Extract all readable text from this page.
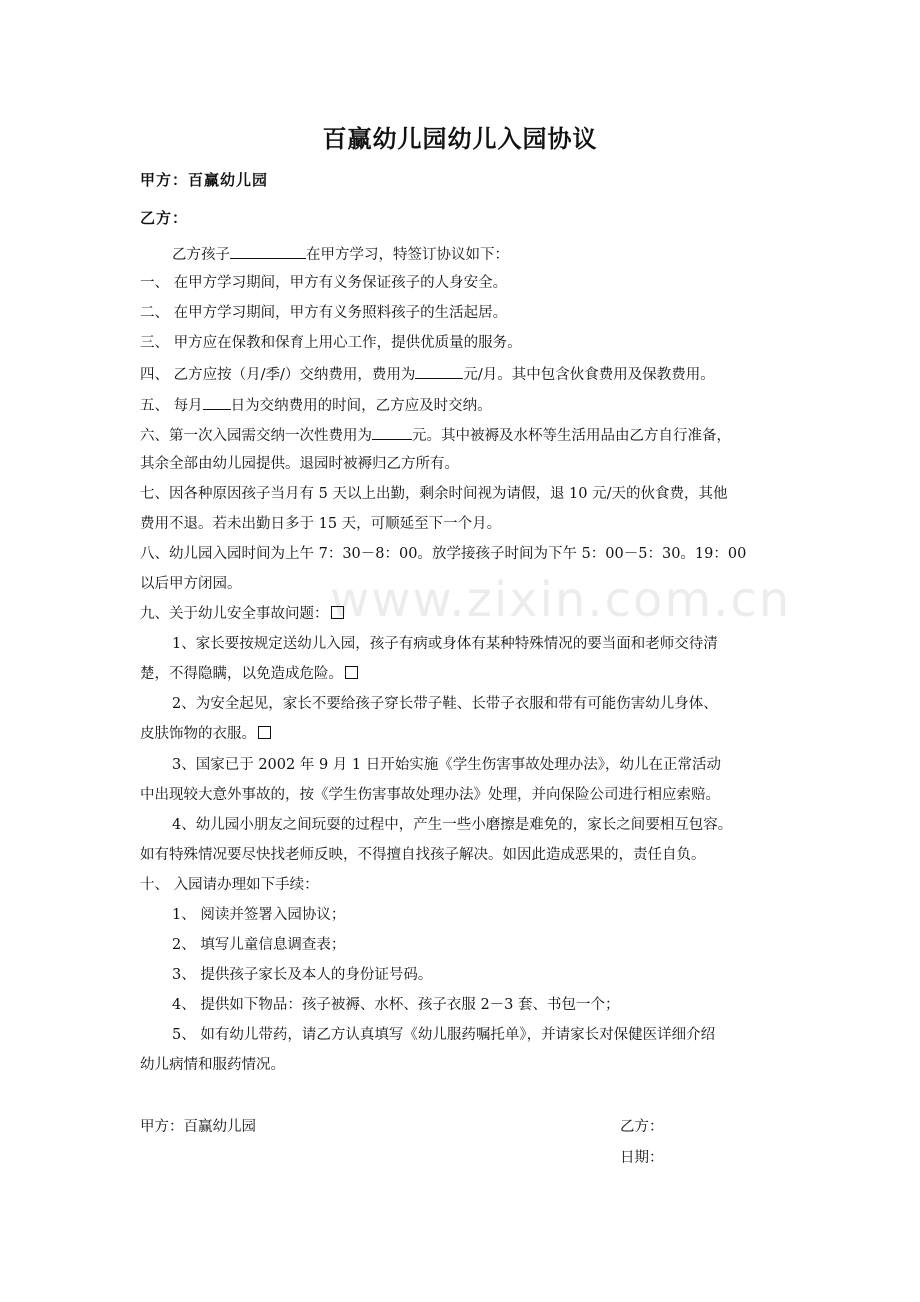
www.zixin.com.cn
百赢幼儿园幼儿入园协议
甲方：百赢幼儿园
乙方：
乙方孩子	在甲方学习，特签订协议如下：
一、 在甲方学习期间，甲方有义务保证孩子的人身安全。
二、 在甲方学习期间，甲方有义务照料孩子的生活起居。
三、 甲方应在保教和保育上用心工作，提供优质量的服务。
四、 乙方应按（月/季/）交纳费用，费用为	元/月。其中包含伙食费用及保教费用。
五、 每月 日为交纳费用的时间，乙方应及时交纳。
六、第一次入园需交纳一次性费用为	元。其中被褥及水杯等生活用品由乙方自行准备，
其余全部由幼儿园提供。退园时被褥归乙方所有。
七、因各种原因孩子当月有 5 天以上出勤，剩余时间视为请假，退 10 元/天的伙食费，其他
费用不退。若未出勤日多于 15 天，可顺延至下一个月。
八、幼儿园入园时间为上午 7：30－8：00。放学接孩子时间为下午 5：00－5：30。19：00
以后甲方闭园。
九、关于幼儿安全事故问题：
1、家长要按规定送幼儿入园，孩子有病或身体有某种特殊情况的要当面和老师交待清
楚，不得隐瞒，以免造成危险。
2、为安全起见，家长不要给孩子穿长带子鞋、长带子衣服和带有可能伤害幼儿身体、
皮肤饰物的衣服。
3、国家已于 2002 年 9 月 1 日开始实施《学生伤害事故处理办法》，幼儿在正常活动
中出现较大意外事故的，按《学生伤害事故处理办法》处理，并向保险公司进行相应索赔。
4、幼儿园小朋友之间玩耍的过程中，产生一些小磨擦是难免的，家长之间要相互包容。
如有特殊情况要尽快找老师反映，不得擅自找孩子解决。如因此造成恶果的，责任自负。
十、 入园请办理如下手续：
1、 阅读并签署入园协议；
2、 填写儿童信息调查表；
3、 提供孩子家长及本人的身份证号码。
4、 提供如下物品：孩子被褥、水杯、孩子衣服 2－3 套、书包一个；
5、 如有幼儿带药，请乙方认真填写《幼儿服药嘱托单》，并请家长对保健医详细介绍
幼儿病情和服药情况。
甲方：百赢幼儿园	乙方：
日期：
